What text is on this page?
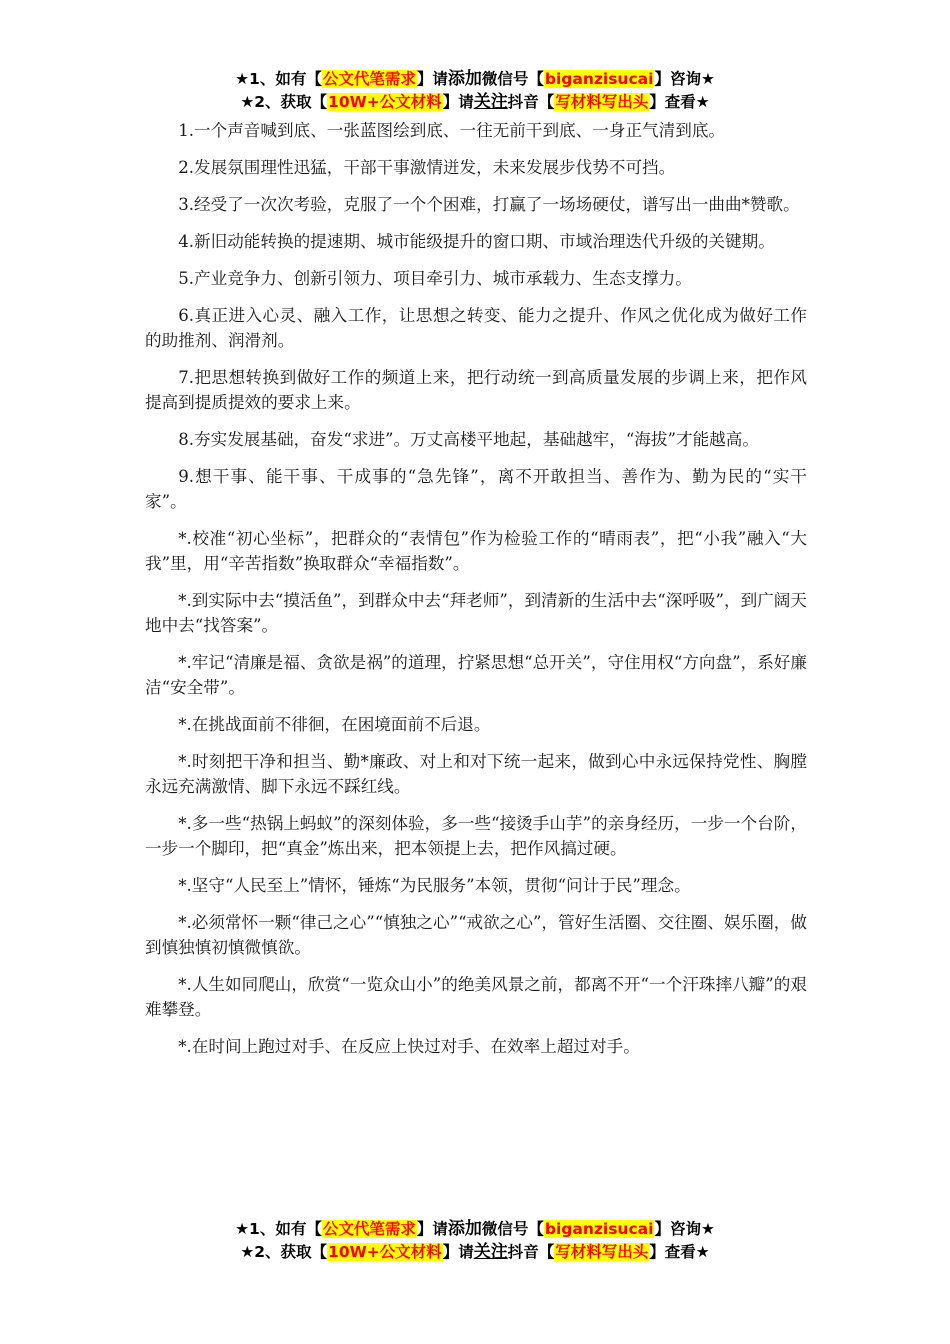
★1、如有【公文代笔需求】请添加微信号【biganzisucai】咨询★
★2、获取【10W+公文材料】请关注抖音【写材料写出头】查看★

1.一个声音喊到底、一张蓝图绘到底、一往无前干到底、一身正气清到底。

2.发展氛围理性迅猛，干部干事激情迸发，未来发展步伐势不可挡。

3.经受了一次次考验，克服了一个个困难，打赢了一场场硬仗，谱写出一曲曲*赞歌。

4.新旧动能转换的提速期、城市能级提升的窗口期、市域治理迭代升级的关键期。

5.产业竞争力、创新引领力、项目牵引力、城市承载力、生态支撑力。

6.真正进入心灵、融入工作，让思想之转变、能力之提升、作风之优化成为做好工作的助推剂、润滑剂。

7.把思想转换到做好工作的频道上来，把行动统一到高质量发展的步调上来，把作风提高到提质提效的要求上来。

8.夯实发展基础，奋发“求进”。万丈高楼平地起，基础越牢，“海拔”才能越高。

9.想干事、能干事、干成事的“急先锋”，离不开敢担当、善作为、勤为民的“实干家”。

*.校准“初心坐标”，把群众的“表情包”作为检验工作的“晴雨表”，把“小我”融入“大我”里，用“辛苦指数”换取群众“幸福指数”。

*.到实际中去“摸活鱼”，到群众中去“拜老师”，到清新的生活中去“深呼吸”，到广阔天地中去“找答案”。

*.牢记“清廉是福、贪欲是祸”的道理，拧紧思想“总开关”，守住用权“方向盘”，系好廉洁“安全带”。

*.在挑战面前不徘徊，在困境面前不后退。

*.时刻把干净和担当、勤*廉政、对上和对下统一起来，做到心中永远保持党性、胸膛永远充满激情、脚下永远不踩红线。

*.多一些“热锅上蚂蚁”的深刻体验，多一些“接烫手山芋”的亲身经历，一步一个台阶，一步一个脚印，把“真金”炼出来，把本领提上去，把作风搞过硬。

*.坚守“人民至上”情怀，锤炼“为民服务”本领，贯彻“问计于民”理念。

*.必须常怀一颗“律己之心”“慎独之心”“戒欲之心”，管好生活圈、交往圈、娱乐圈，做到慎独慎初慎微慎欲。

*.人生如同爬山，欣赏“一览众山小”的绝美风景之前，都离不开“一个汗珠摔八瓣”的艰难攀登。

*.在时间上跑过对手、在反应上快过对手、在效率上超过对手。

★1、如有【公文代笔需求】请添加微信号【biganzisucai】咨询★
★2、获取【10W+公文材料】请关注抖音【写材料写出头】查看★
